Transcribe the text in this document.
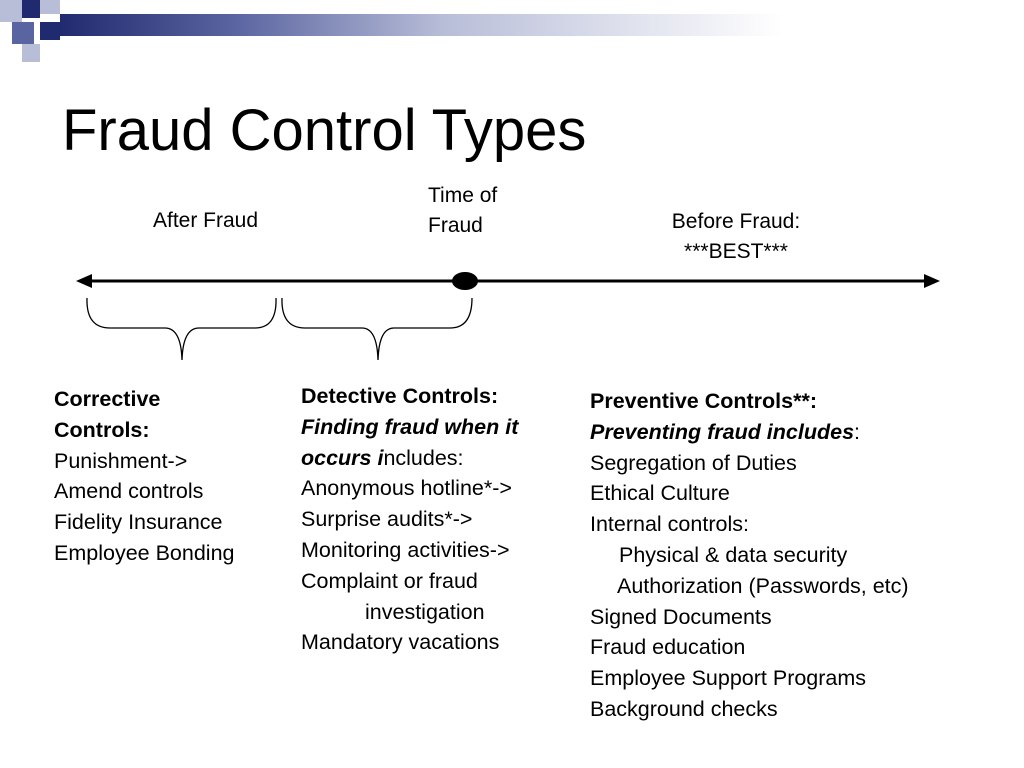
Fraud Control Types
After Fraud
Time of
Fraud	Before Fraud:
***BEST***
Corrective
Controls:
Punishment->
Amend controls
Fidelity Insurance
Employee Bonding
Detective Controls:
Finding fraud when it
occurs includes:
Anonymous hotline*->
Surprise audits*->
Monitoring activities->
Complaint or fraud
investigation
Mandatory vacations
Preventive Controls**:
Preventing fraud includes:
Segregation of Duties
Ethical Culture
Internal controls:
Physical & data security
Authorization (Passwords, etc)
Signed Documents
Fraud education
Employee Support Programs
Background checks
